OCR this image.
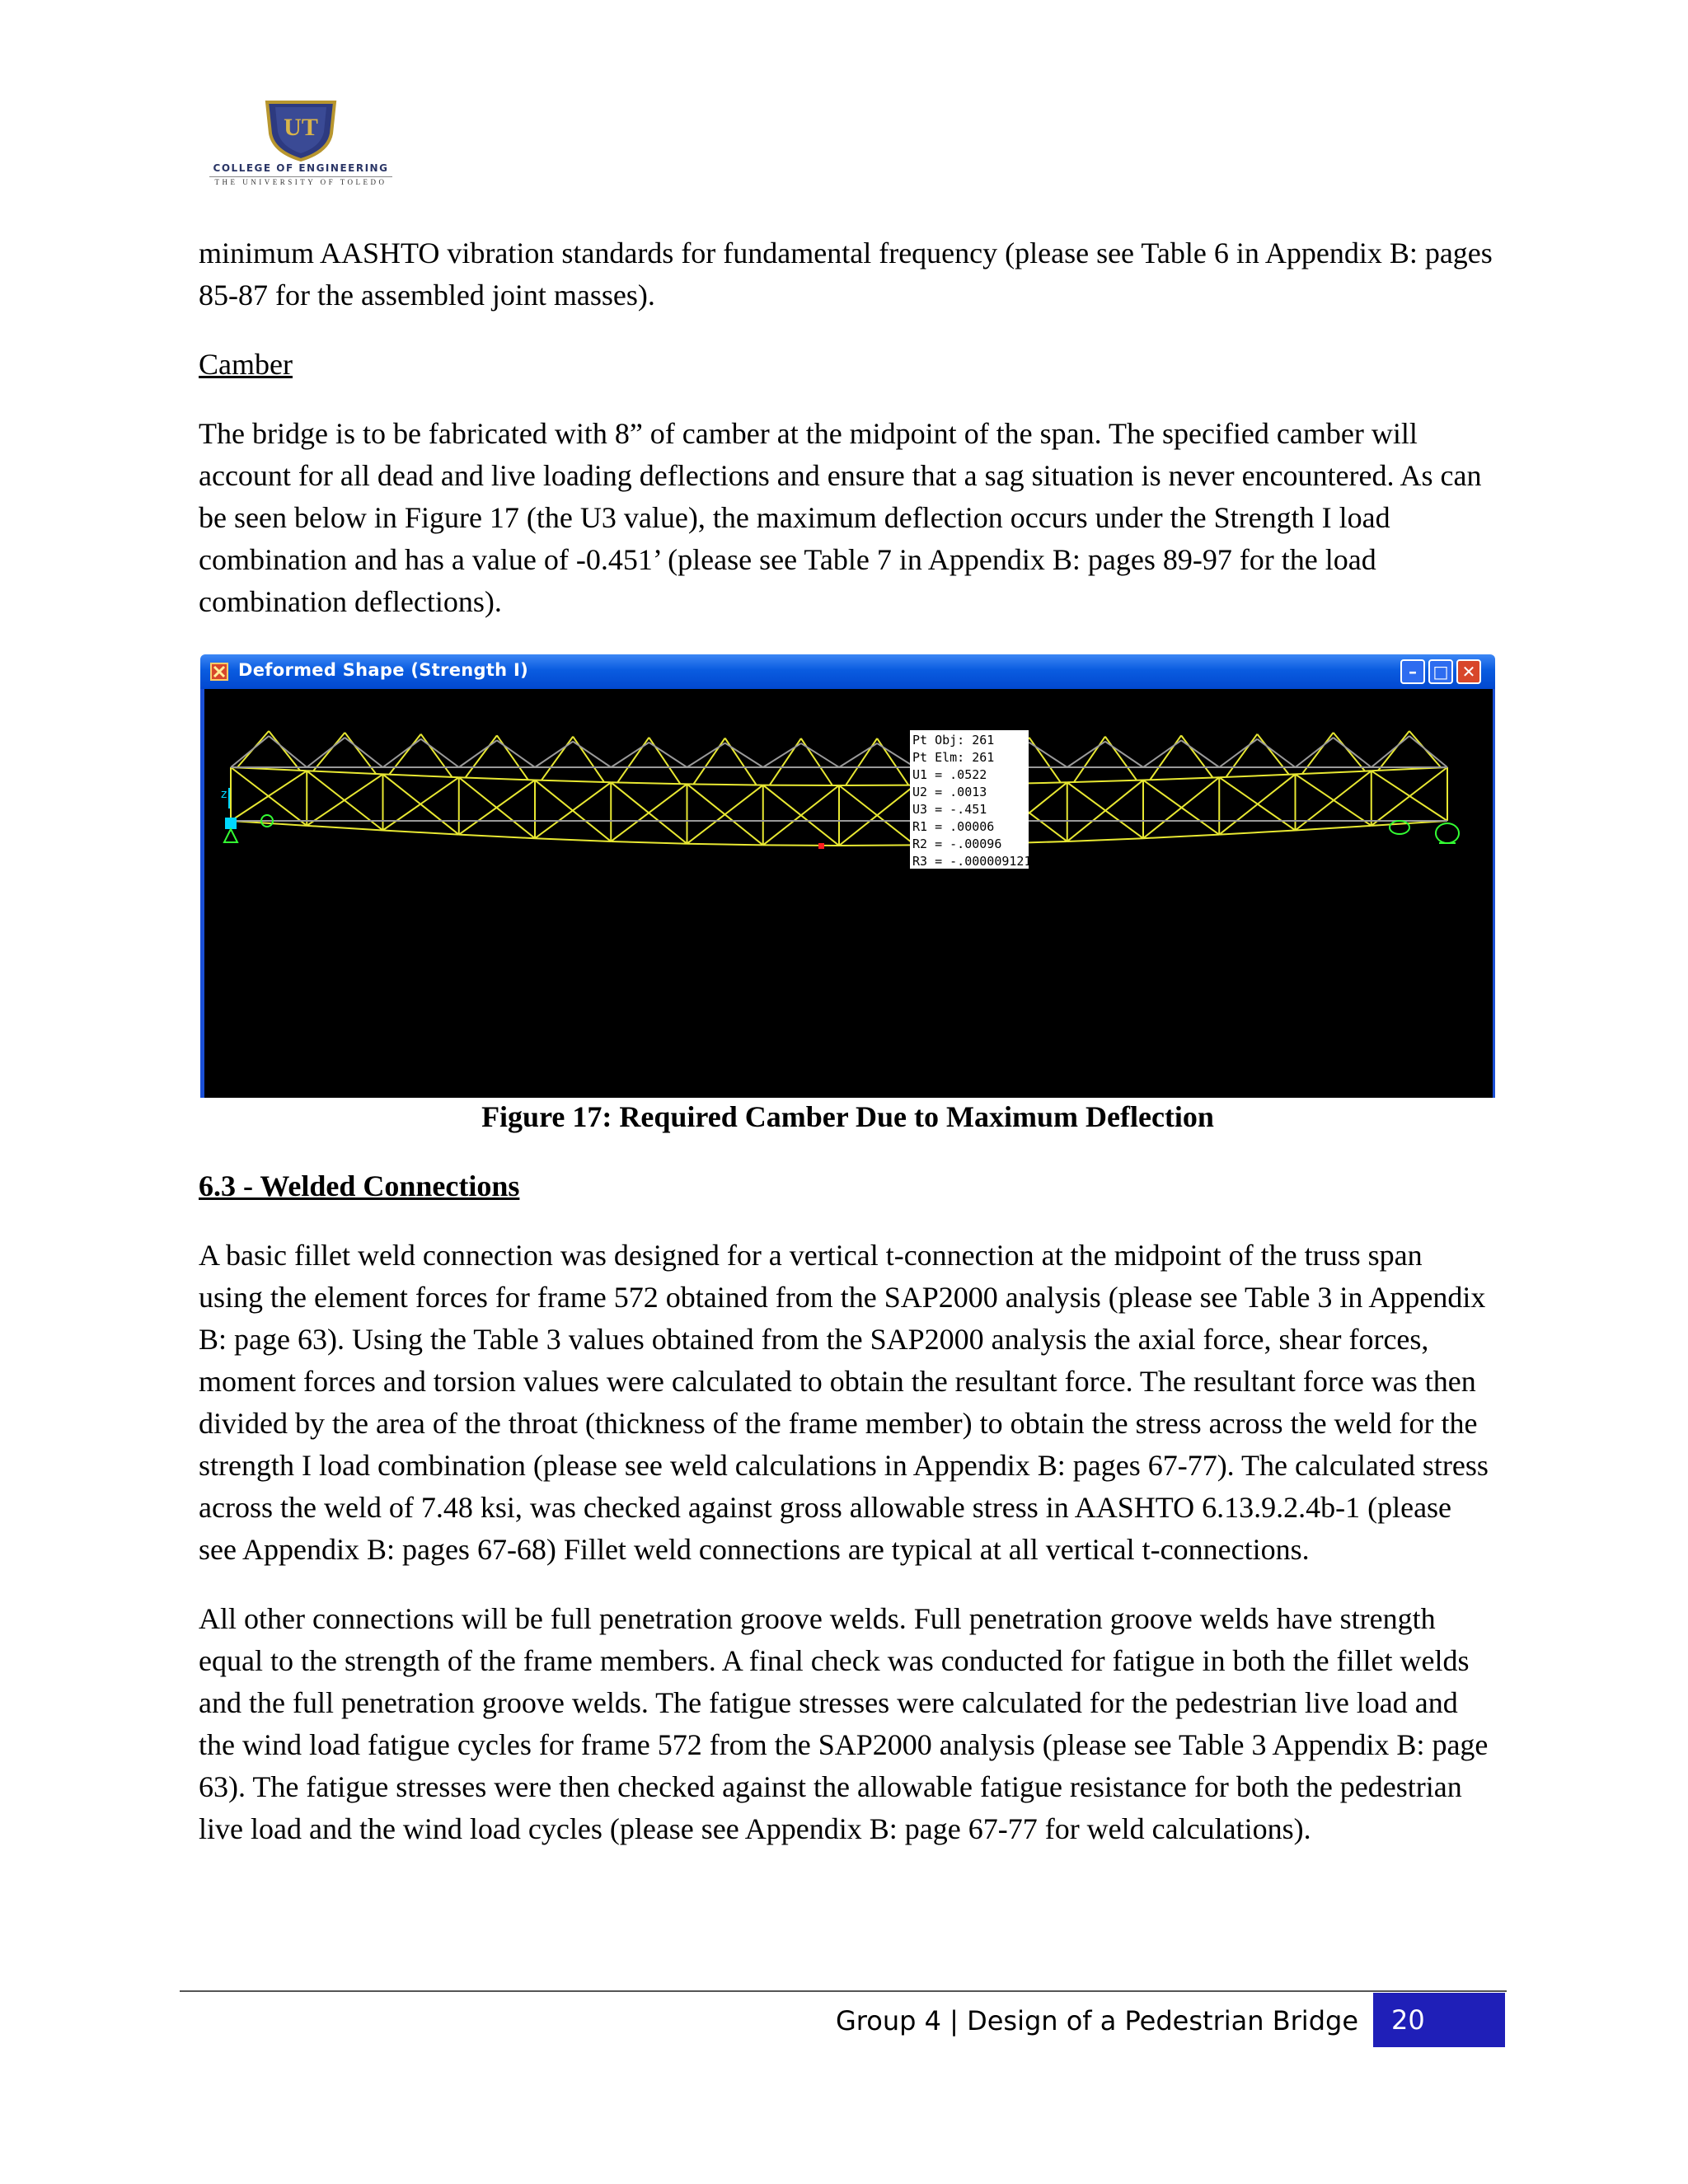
UT
COLLEGE OF ENGINEERING
THE UNIVERSITY OF TOLEDO

minimum AASHTO vibration standards for fundamental frequency (please see Table 6 in Appendix B: pages 85-87 for the assembled joint masses).

Camber

The bridge is to be fabricated with 8” of camber at the midpoint of the span. The specified camber will account for all dead and live loading deflections and ensure that a sag situation is never encountered. As can be seen below in Figure 17 (the U3 value), the maximum deflection occurs under the Strength I load combination and has a value of -0.451’ (please see Table 7 in Appendix B: pages 89-97 for the load combination deflections).

Deformed Shape (Strength I)	– □ ✕
z
Pt Obj: 261
Pt Elm: 261
U1 = .0522
U2 = .0013
U3 = -.451
R1 = .00006
R2 = -.00096
R3 = -.000009121
Figure 17: Required Camber Due to Maximum Deflection

6.3 - Welded Connections

A basic fillet weld connection was designed for a vertical t-connection at the midpoint of the truss span using the element forces for frame 572 obtained from the SAP2000 analysis (please see Table 3 in Appendix B: page 63). Using the Table 3 values obtained from the SAP2000 analysis the axial force, shear forces, moment forces and torsion values were calculated to obtain the resultant force. The resultant force was then divided by the area of the throat (thickness of the frame member) to obtain the stress across the weld for the strength I load combination (please see weld calculations in Appendix B: pages 67-77). The calculated stress across the weld of 7.48 ksi, was checked against gross allowable stress in AASHTO 6.13.9.2.4b-1 (please see Appendix B: pages 67-68) Fillet weld connections are typical at all vertical t-connections.

All other connections will be full penetration groove welds. Full penetration groove welds have strength equal to the strength of the frame members. A final check was conducted for fatigue in both the fillet welds and the full penetration groove welds. The fatigue stresses were calculated for the pedestrian live load and the wind load fatigue cycles for frame 572 from the SAP2000 analysis (please see Table 3 Appendix B: page 63). The fatigue stresses were then checked against the allowable fatigue resistance for both the pedestrian live load and the wind load cycles (please see Appendix B: page 67-77 for weld calculations).

Group 4 | Design of a Pedestrian Bridge 20
